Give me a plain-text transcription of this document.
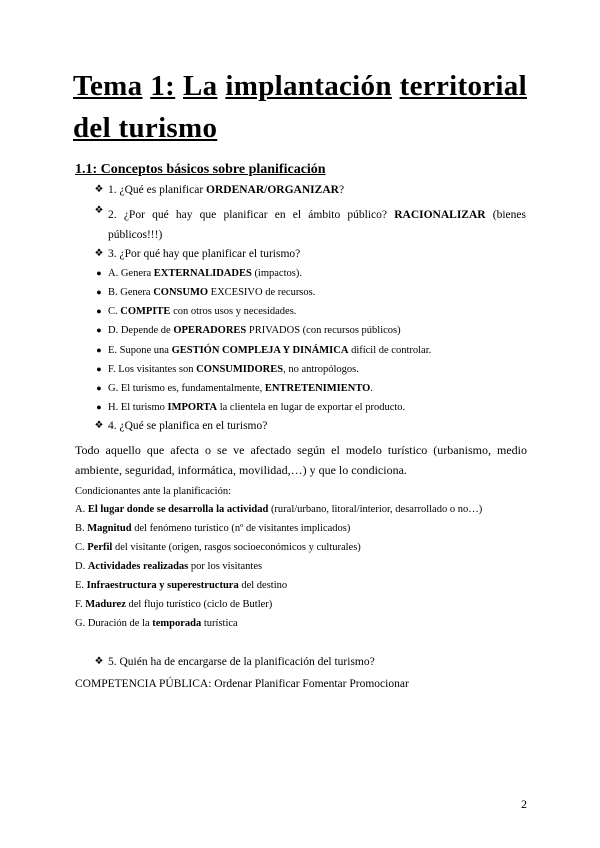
Tema 1: La implantación territorial
del turismo
1.1: Conceptos básicos sobre planificación
❖ 1. ¿Qué es planificar ORDENAR/ORGANIZAR?
❖ 2. ¿Por qué hay que planificar en el ámbito público? RACIONALIZAR (bienes públicos!!!)
❖ 3. ¿Por qué hay que planificar el turismo?
● A. Genera EXTERNALIDADES (impactos).
● B. Genera CONSUMO EXCESIVO de recursos.
● C. COMPITE con otros usos y necesidades.
● D. Depende de OPERADORES PRIVADOS (con recursos públicos)
● E. Supone una GESTIÓN COMPLEJA Y DINÁMICA difícil de controlar.
● F. Los visitantes son CONSUMIDORES, no antropólogos.
● G. El turismo es, fundamentalmente, ENTRETENIMIENTO.
● H. El turismo IMPORTA la clientela en lugar de exportar el producto.
❖ 4. ¿Qué se planifica en el turismo?
Todo aquello que afecta o se ve afectado según el modelo turístico (urbanismo, medio ambiente, seguridad, informática, movilidad,…) y que lo condiciona.
Condicionantes ante la planificación:
A. El lugar donde se desarrolla la actividad (rural/urbano, litoral/interior, desarrollado o no…)
B. Magnitud del fenómeno turístico (nº de visitantes implicados)
C. Perfil del visitante (origen, rasgos socioeconómicos y culturales)
D. Actividades realizadas por los visitantes
E. Infraestructura y superestructura del destino
F. Madurez del flujo turístico (ciclo de Butler)
G. Duración de la temporada turística
❖ 5. Quién ha de encargarse de la planificación del turismo?
COMPETENCIA PÚBLICA: Ordenar Planificar Fomentar Promocionar
2
